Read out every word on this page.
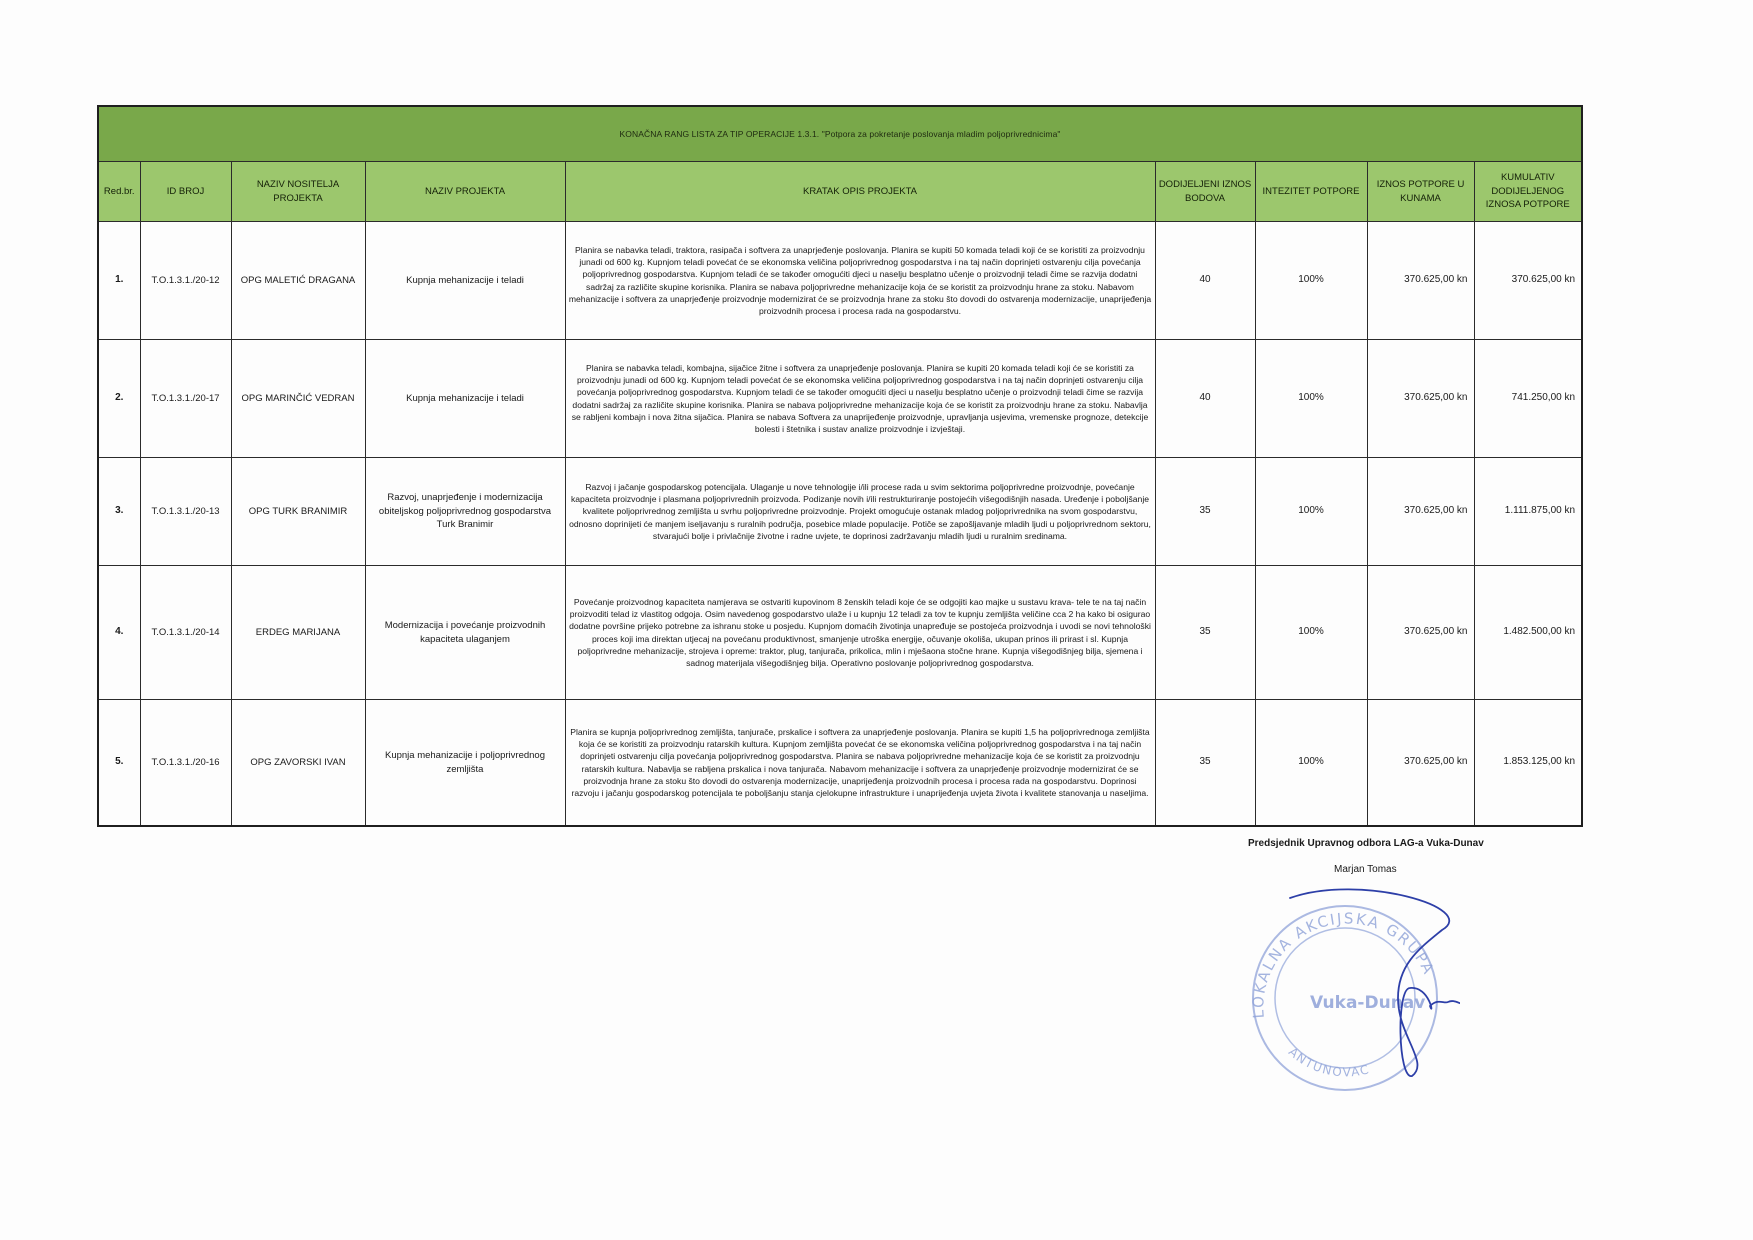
KONAČNA RANG LISTA ZA TIP OPERACIJE 1.3.1. "Potpora za pokretanje poslovanja mladim poljoprivrednicima"								
Red.br.	ID BROJ	NAZIV NOSITELJA PROJEKTA	NAZIV PROJEKTA	KRATAK OPIS PROJEKTA	DODIJELJENI IZNOS BODOVA	INTEZITET POTPORE	IZNOS POTPORE U KUNAMA	KUMULATIV DODIJELJENOG IZNOSA POTPORE
1.	T.O.1.3.1./20-12	OPG MALETIĆ DRAGANA	Kupnja mehanizacije i teladi	Planira se nabavka teladi, traktora, rasipača i softvera za unaprjeđenje poslovanja. Planira se kupiti 50 komada teladi koji će se koristiti za proizvodnju junadi od 600 kg. Kupnjom teladi povećat će se ekonomska veličina poljoprivrednog gospodarstva i na taj način doprinjeti ostvarenju cilja povećanja poljoprivrednog gospodarstva. Kupnjom teladi će se također omogućiti djeci u naselju besplatno učenje o proizvodnji teladi čime se razvija dodatni sadržaj za različite skupine korisnika. Planira se nabava poljoprivredne mehanizacije koja će se koristit za proizvodnju hrane za stoku. Nabavom mehanizacije i softvera za unaprjeđenje proizvodnje modernizirat će se proizvodnja hrane za stoku što dovodi do ostvarenja modernizacije, unaprijeđenja proizvodnih procesa i procesa rada na gospodarstvu.	40	100%	370.625,00 kn	370.625,00 kn
2.	T.O.1.3.1./20-17	OPG MARINČIĆ VEDRAN	Kupnja mehanizacije i teladi	Planira se nabavka teladi, kombajna, sijačice žitne i softvera za unaprjeđenje poslovanja. Planira se kupiti 20 komada teladi koji će se koristiti za proizvodnju junadi od 600 kg. Kupnjom teladi povećat će se ekonomska veličina poljoprivrednog gospodarstva i na taj način doprinjeti ostvarenju cilja povećanja poljoprivrednog gospodarstva. Kupnjom teladi će se također omogućiti djeci u naselju besplatno učenje o proizvodnji teladi čime se razvija dodatni sadržaj za različite skupine korisnika. Planira se nabava poljoprivredne mehanizacije koja će se koristit za proizvodnju hrane za stoku. Nabavlja se rabljeni kombajn i nova žitna sijačica. Planira se nabava Softvera za unaprijeđenje proizvodnje, upravljanja usjevima, vremenske prognoze, detekcije bolesti i štetnika i sustav analize proizvodnje i izvještaji.	40	100%	370.625,00 kn	741.250,00 kn
3.	T.O.1.3.1./20-13	OPG TURK BRANIMIR	Razvoj, unaprjeđenje i modernizacija obiteljskog poljoprivrednog gospodarstva Turk Branimir	Razvoj i jačanje gospodarskog potencijala. Ulaganje u nove tehnologije i/ili procese rada u svim sektorima poljoprivredne proizvodnje, povećanje kapaciteta proizvodnje i plasmana poljoprivrednih proizvoda. Podizanje novih i/ili restrukturiranje postojećih višegodišnjih nasada. Uređenje i poboljšanje kvalitete poljoprivrednog zemljišta u svrhu poljoprivredne proizvodnje. Projekt omogućuje ostanak mladog poljoprivrednika na svom gospodarstvu, odnosno doprinijeti će manjem iseljavanju s ruralnih područja, posebice mlade populacije. Potiče se zapošljavanje mladih ljudi u poljoprivrednom sektoru, stvarajući bolje i privlačnije životne i radne uvjete, te doprinosi zadržavanju mladih ljudi u ruralnim sredinama.	35	100%	370.625,00 kn	1.111.875,00 kn
4.	T.O.1.3.1./20-14	ERDEG MARIJANA	Modernizacija i povećanje proizvodnih kapaciteta ulaganjem	Povećanje proizvodnog kapaciteta namjerava se ostvariti kupovinom 8 ženskih teladi koje će se odgojiti kao majke u sustavu krava- tele te na taj način proizvoditi telad iz vlastitog odgoja. Osim navedenog gospodarstvo ulaže i u kupnju 12 teladi za tov te kupnju zemljišta veličine cca 2 ha kako bi osigurao dodatne površine prijeko potrebne za ishranu stoke u posjedu. Kupnjom domaćih životinja unapređuje se postojeća proizvodnja i uvodi se novi tehnološki proces koji ima direktan utjecaj na povećanu produktivnost, smanjenje utroška energije, očuvanje okoliša, ukupan prinos ili prirast i sl. Kupnja poljoprivredne mehanizacije, strojeva i opreme: traktor, plug, tanjurača, prikolica, mlin i mješaona stočne hrane. Kupnja višegodišnjeg bilja, sjemena i sadnog materijala višegodišnjeg bilja. Operativno poslovanje poljoprivrednog gospodarstva.	35	100%	370.625,00 kn	1.482.500,00 kn
5.	T.O.1.3.1./20-16	OPG ZAVORSKI IVAN	Kupnja mehanizacije i poljoprivrednog zemljišta	Planira se kupnja poljoprivrednog zemljišta, tanjurače, prskalice i softvera za unaprjeđenje poslovanja. Planira se kupiti 1,5 ha poljoprivrednoga zemljišta koja će se koristiti za proizvodnju ratarskih kultura. Kupnjom zemljišta povećat će se ekonomska veličina poljoprivrednog gospodarstva i na taj način doprinjeti ostvarenju cilja povećanja poljoprivrednog gospodarstva. Planira se nabava poljoprivredne mehanizacije koja će se koristit za proizvodnju ratarskih kultura. Nabavlja se rabljena prskalica i nova tanjurača. Nabavom mehanizacije i softvera za unaprjeđenje proizvodnje modernizirat će se proizvodnja hrane za stoku što dovodi do ostvarenja modernizacije, unaprijeđenja proizvodnih procesa i procesa rada na gospodarstvu. Doprinosi razvoju i jačanju gospodarskog potencijala te poboljšanju stanja cjelokupne infrastrukture i unaprijeđenja uvjeta života i kvalitete stanovanja u naseljima.	35	100%	370.625,00 kn	1.853.125,00 kn
Predsjednik Upravnog odbora LAG-a Vuka-Dunav
LOKALNA AKCIJSKA GRUPA
ANTUNOVAC
Vuka-Dunav
Marjan Tomas
